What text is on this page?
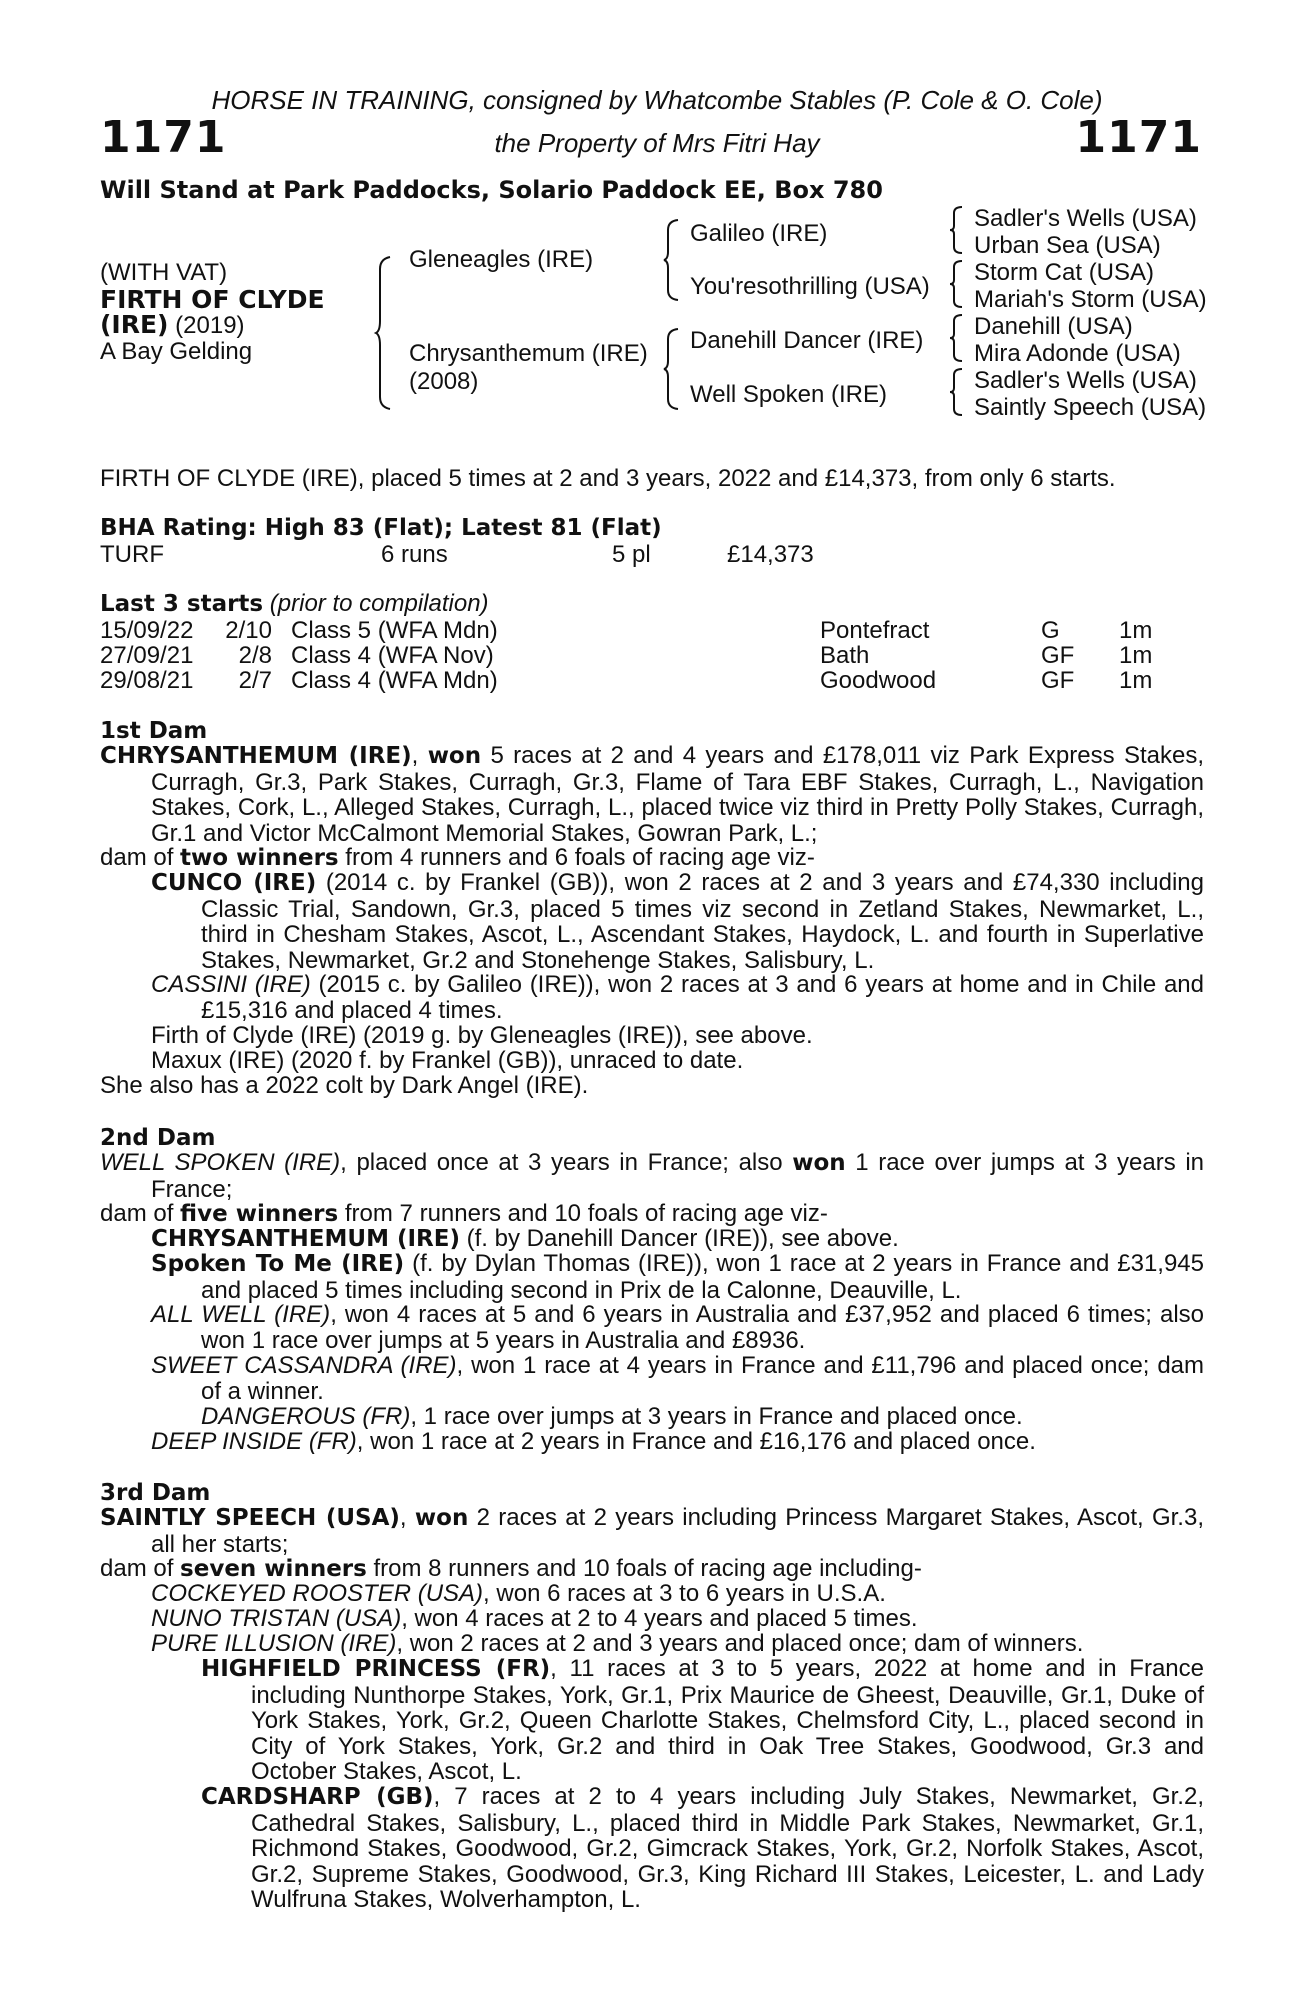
HORSE IN TRAINING, consigned by Whatcombe Stables (P. Cole & O. Cole)
1171	the Property of Mrs Fitri Hay	1171
Will Stand at Park Paddocks, Solario Paddock EE, Box 780
(WITH VAT)
FIRTH OF CLYDE
(IRE) (2019)
A Bay Gelding
Gleneagles (IRE)
Chrysanthemum (IRE)
(2008)
Galileo (IRE)
You'resothrilling (USA)
Danehill Dancer (IRE)
Well Spoken (IRE)
Sadler's Wells (USA)
Urban Sea (USA)
Storm Cat (USA)
Mariah's Storm (USA)
Danehill (USA)
Mira Adonde (USA)
Sadler's Wells (USA)
Saintly Speech (USA)
FIRTH OF CLYDE (IRE), placed 5 times at 2 and 3 years, 2022 and £14,373, from only 6 starts.
BHA Rating: High 83 (Flat); Latest 81 (Flat)
TURF	6 runs	5 pl	£14,373
Last 3 starts (prior to compilation)
15/09/22 2/10 Class 5 (WFA Mdn)	Pontefract	G 1m
27/09/21	2/8 Class 4 (WFA Nov)	Bath	GF 1m
29/08/21	2/7 Class 4 (WFA Mdn)	Goodwood	GF 1m
1st Dam
CHRYSANTHEMUM (IRE), won 5 races at 2 and 4 years and £178,011 viz Park Express Stakes, Curragh, Gr.3, Park Stakes, Curragh, Gr.3, Flame of Tara EBF Stakes, Curragh, L., Navigation Stakes, Cork, L., Alleged Stakes, Curragh, L., placed twice viz third in Pretty Polly Stakes, Curragh, Gr.1 and Victor McCalmont Memorial Stakes, Gowran Park, L.;
dam of two winners from 4 runners and 6 foals of racing age viz-
CUNCO (IRE) (2014 c. by Frankel (GB)), won 2 races at 2 and 3 years and £74,330 including Classic Trial, Sandown, Gr.3, placed 5 times viz second in Zetland Stakes, Newmarket, L., third in Chesham Stakes, Ascot, L., Ascendant Stakes, Haydock, L. and fourth in Superlative Stakes, Newmarket, Gr.2 and Stonehenge Stakes, Salisbury, L.
CASSINI (IRE) (2015 c. by Galileo (IRE)), won 2 races at 3 and 6 years at home and in Chile and £15,316 and placed 4 times.
Firth of Clyde (IRE) (2019 g. by Gleneagles (IRE)), see above.
Maxux (IRE) (2020 f. by Frankel (GB)), unraced to date.
She also has a 2022 colt by Dark Angel (IRE).
2nd Dam
WELL SPOKEN (IRE), placed once at 3 years in France; also won 1 race over jumps at 3 years in France;
dam of five winners from 7 runners and 10 foals of racing age viz-
CHRYSANTHEMUM (IRE) (f. by Danehill Dancer (IRE)), see above.
Spoken To Me (IRE) (f. by Dylan Thomas (IRE)), won 1 race at 2 years in France and £31,945 and placed 5 times including second in Prix de la Calonne, Deauville, L.
ALL WELL (IRE), won 4 races at 5 and 6 years in Australia and £37,952 and placed 6 times; also won 1 race over jumps at 5 years in Australia and £8936.
SWEET CASSANDRA (IRE), won 1 race at 4 years in France and £11,796 and placed once; dam of a winner.
DANGEROUS (FR), 1 race over jumps at 3 years in France and placed once.
DEEP INSIDE (FR), won 1 race at 2 years in France and £16,176 and placed once.
3rd Dam
SAINTLY SPEECH (USA), won 2 races at 2 years including Princess Margaret Stakes, Ascot, Gr.3, all her starts;
dam of seven winners from 8 runners and 10 foals of racing age including-
COCKEYED ROOSTER (USA), won 6 races at 3 to 6 years in U.S.A.
NUNO TRISTAN (USA), won 4 races at 2 to 4 years and placed 5 times.
PURE ILLUSION (IRE), won 2 races at 2 and 3 years and placed once; dam of winners.
HIGHFIELD PRINCESS (FR), 11 races at 3 to 5 years, 2022 at home and in France including Nunthorpe Stakes, York, Gr.1, Prix Maurice de Gheest, Deauville, Gr.1, Duke of York Stakes, York, Gr.2, Queen Charlotte Stakes, Chelmsford City, L., placed second in City of York Stakes, York, Gr.2 and third in Oak Tree Stakes, Goodwood, Gr.3 and October Stakes, Ascot, L.
CARDSHARP (GB), 7 races at 2 to 4 years including July Stakes, Newmarket, Gr.2, Cathedral Stakes, Salisbury, L., placed third in Middle Park Stakes, Newmarket, Gr.1, Richmond Stakes, Goodwood, Gr.2, Gimcrack Stakes, York, Gr.2, Norfolk Stakes, Ascot, Gr.2, Supreme Stakes, Goodwood, Gr.3, King Richard III Stakes, Leicester, L. and Lady Wulfruna Stakes, Wolverhampton, L.
